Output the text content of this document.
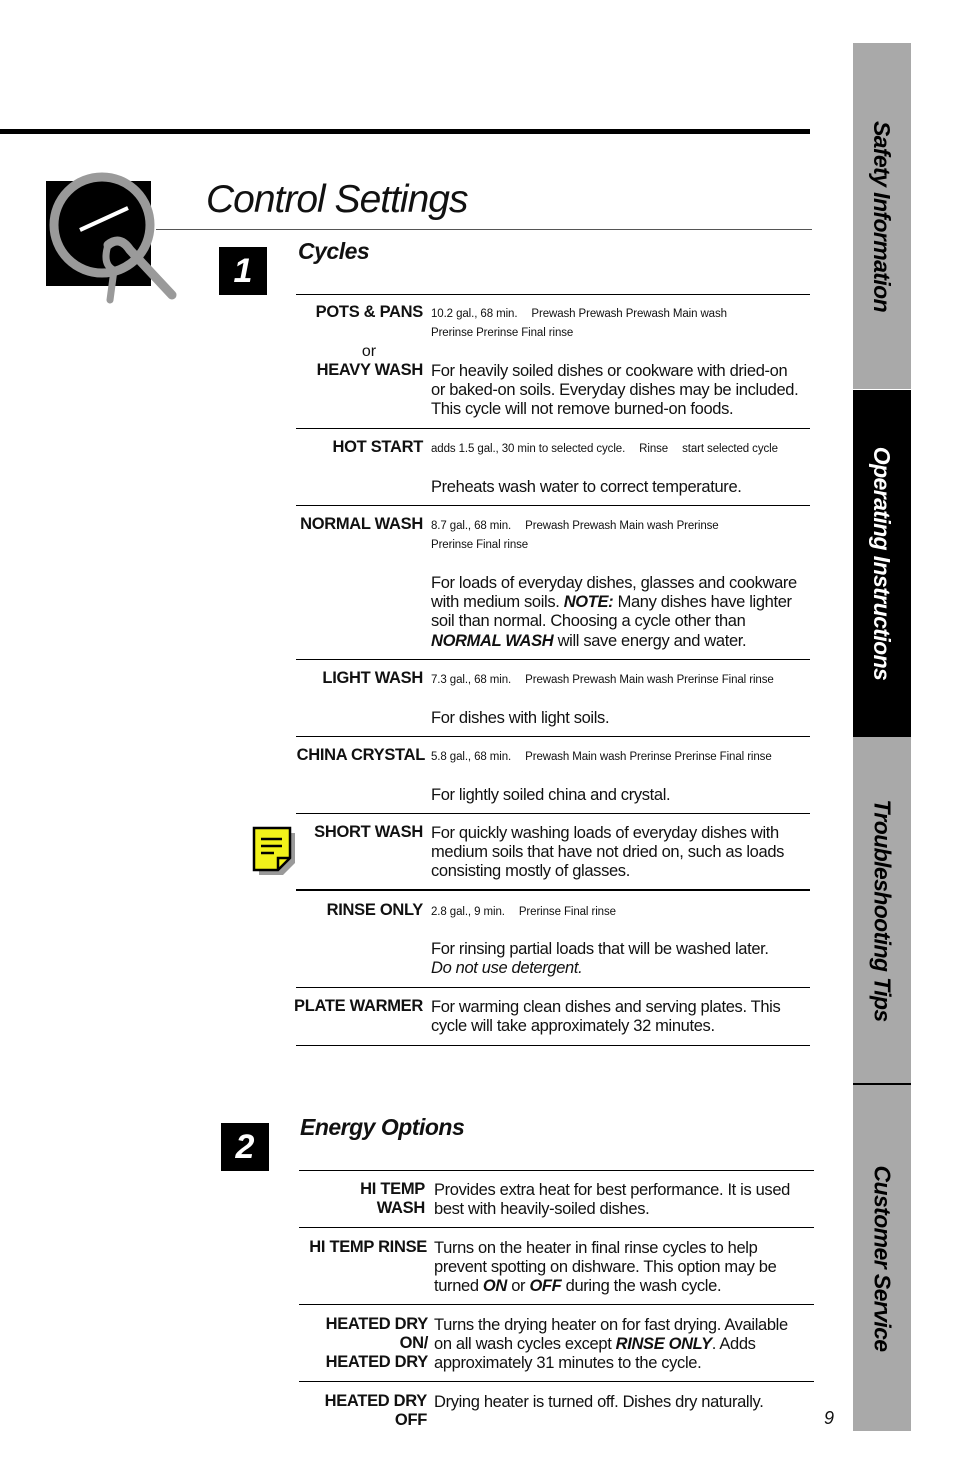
Control Settings
1
Cycles
POTS & PANS
or
HEAVY WASH
10.2 gal., 68 min. Prewash Prewash Prewash Main wash
Prerinse Prerinse Final rinse
For heavily soiled dishes or cookware with dried-on or baked-on soils. Everyday dishes may be included. This cycle will not remove burned-on foods.
HOT START adds 1.5 gal., 30 min to selected cycle. Rinse start selected cycle
Preheats wash water to correct temperature.
NORMAL WASH 8.7 gal., 68 min. Prewash Prewash Main wash Prerinse
Prerinse Final rinse
For loads of everyday dishes, glasses and cookware with medium soils. NOTE: Many dishes have lighter soil than normal. Choosing a cycle other than NORMAL WASH will save energy and water.
LIGHT WASH 7.3 gal., 68 min. Prewash Prewash Main wash Prerinse Final rinse
For dishes with light soils.
CHINA CRYSTAL 5.8 gal., 68 min. Prewash Main wash Prerinse Prerinse Final rinse
For lightly soiled china and crystal.
SHORT WASH For quickly washing loads of everyday dishes with medium soils that have not dried on, such as loads consisting mostly of glasses.
RINSE ONLY 2.8 gal., 9 min. Prerinse Final rinse
For rinsing partial loads that will be washed later.
Do not use detergent.
PLATE WARMER For warming clean dishes and serving plates. This cycle will take approximately 32 minutes.
2
Energy Options
HI TEMP
WASH
Provides extra heat for best performance. It is used best with heavily-soiled dishes.
HI TEMP RINSE Turns on the heater in final rinse cycles to help prevent spotting on dishware. This option may be turned ON or OFF during the wash cycle.
HEATED DRY ON/
HEATED DRY
Turns the drying heater on for fast drying. Available on all wash cycles except RINSE ONLY. Adds approximately 31 minutes to the cycle.
HEATED DRY OFF
Drying heater is turned off. Dishes dry naturally.
9
Safety Information
Operating Instructions
Troubleshooting Tips
Customer Service
